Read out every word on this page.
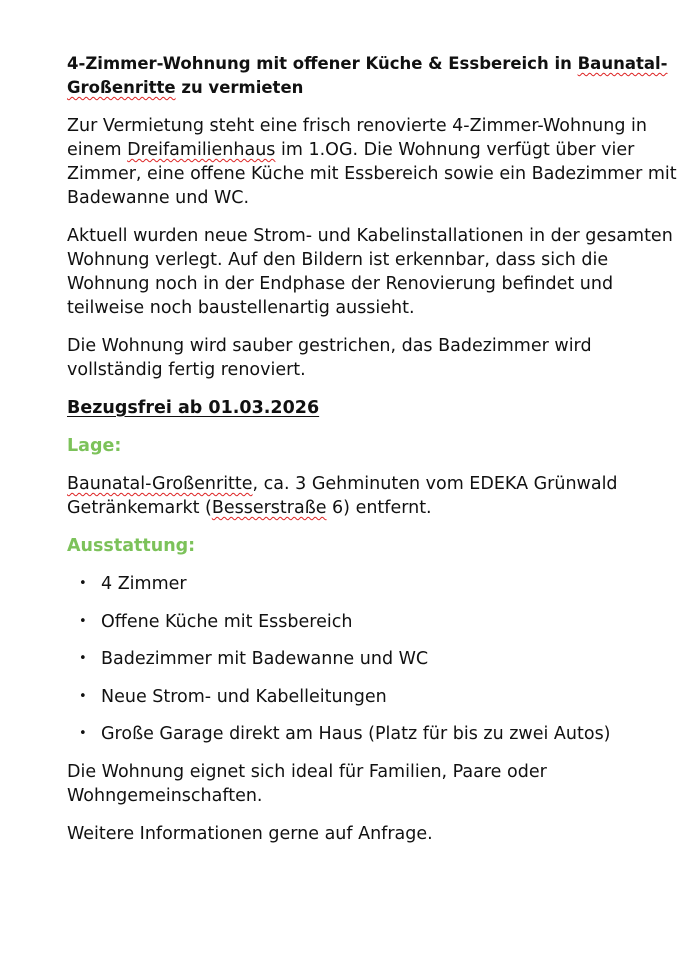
4-Zimmer-Wohnung mit offener Küche & Essbereich in Baunatal-
Großenritte zu vermieten

Zur Vermietung steht eine frisch renovierte 4-Zimmer-Wohnung in einem Dreifamilienhaus im 1.OG. Die Wohnung verfügt über vier Zimmer, eine offene Küche mit Essbereich sowie ein Badezimmer mit Badewanne und WC.

Aktuell wurden neue Strom- und Kabelinstallationen in der gesamten Wohnung verlegt. Auf den Bildern ist erkennbar, dass sich die Wohnung noch in der Endphase der Renovierung befindet und teilweise noch baustellenartig aussieht.

Die Wohnung wird sauber gestrichen, das Badezimmer wird vollständig fertig renoviert.

Bezugsfrei ab 01.03.2026
Lage:

Baunatal-Großenritte, ca. 3 Gehminuten vom EDEKA Grünwald Getränkemarkt (Besserstraße 6) entfernt.

Ausstattung:
• 4 Zimmer
• Offene Küche mit Essbereich
• Badezimmer mit Badewanne und WC
• Neue Strom- und Kabelleitungen
• Große Garage direkt am Haus (Platz für bis zu zwei Autos)

Die Wohnung eignet sich ideal für Familien, Paare oder Wohngemeinschaften.

Weitere Informationen gerne auf Anfrage.
